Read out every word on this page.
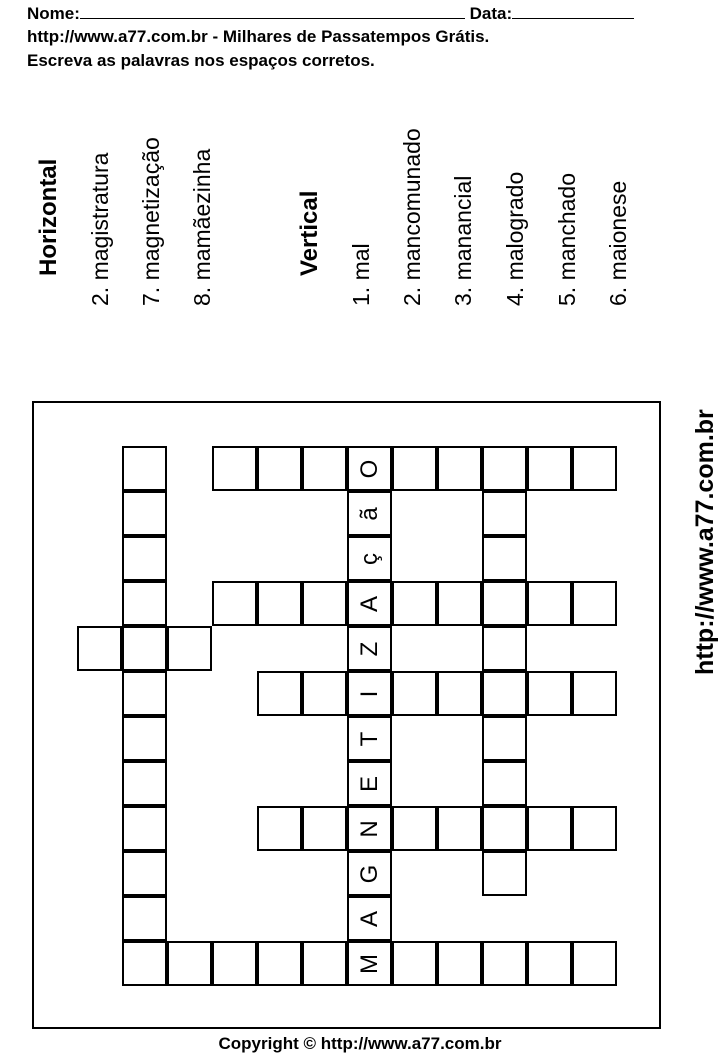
Nome:	Data:
http://www.a77.com.br - Milhares de Passatempos Grátis.
Escreva as palavras nos espaços corretos.
Horizontal 2. magistratura 7. magnetização 8. mamãezinha	Vertical 1. mal 2. mancomunado 3. manancial 4. malogrado 5. manchado 6. maionese
M
A
G
N
E
T
I
Z
A
ç
ã
O	http://www.a77.com.br
Copyright © http://www.a77.com.br
